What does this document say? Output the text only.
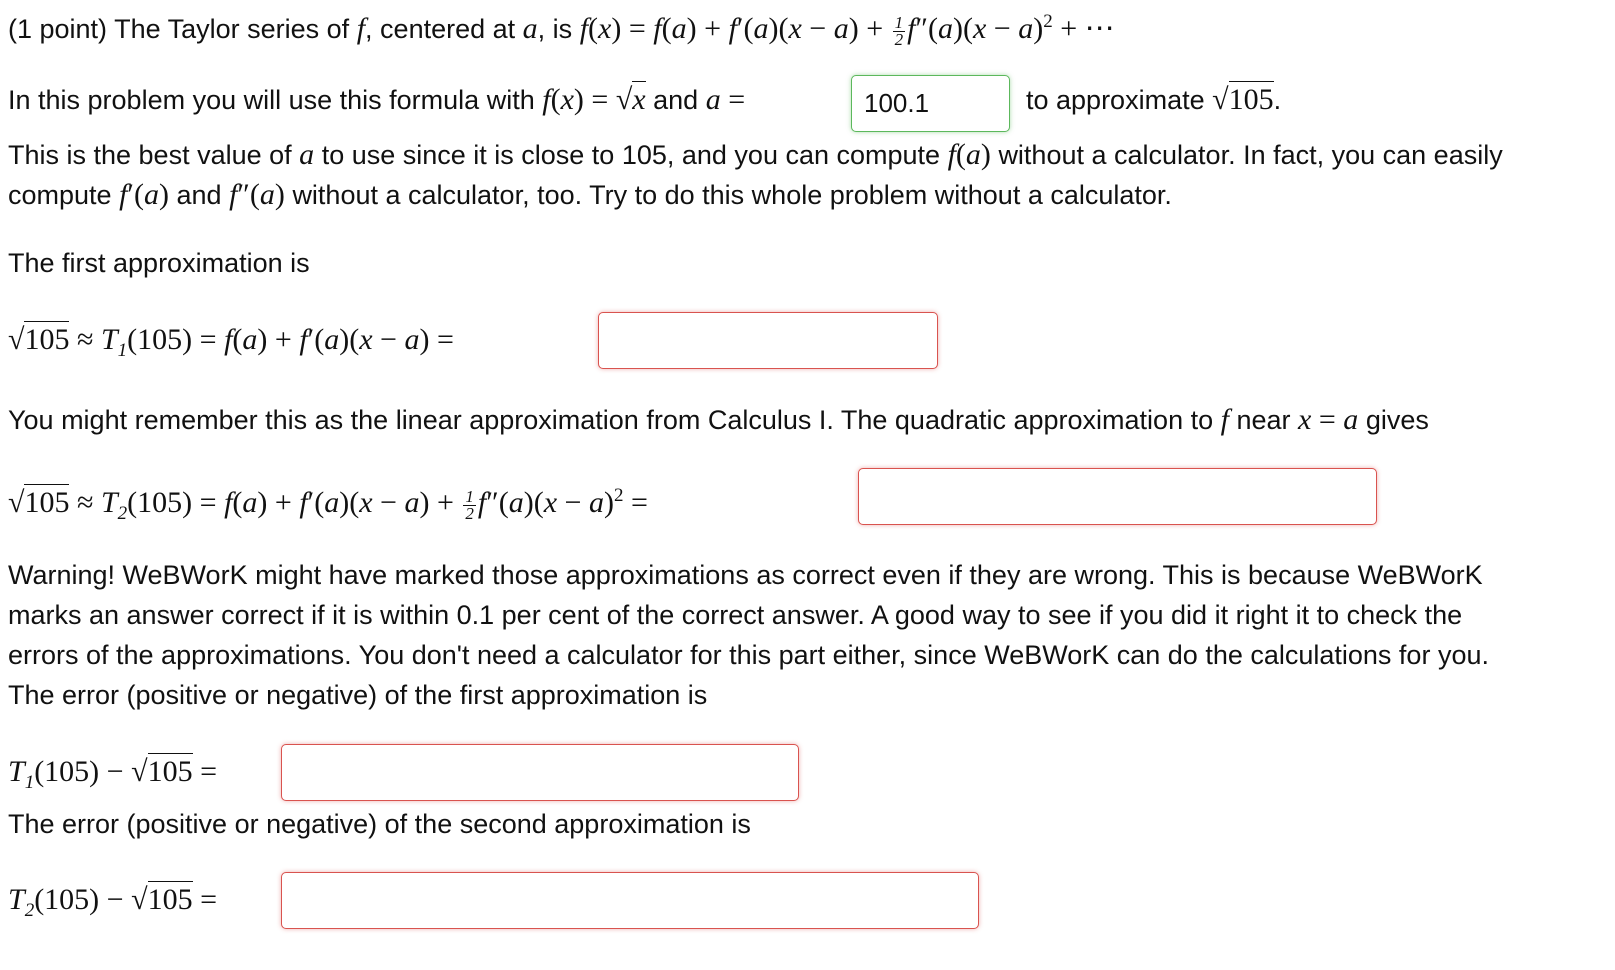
(1 point) The Taylor series of f, centered at a, is $f(x) = f(a) + f'(a)(x - a) + \frac{1}{2} f''(a)(x - a)^2$ + ⋯
In this problem you will use this formula with f(x) = √x and a =
100.1	to approximate √105.
This is the best value of a to use since it is close to 105, and you can compute f(a) without a calculator. In fact, you can easily
compute f′(a) and f″(a) without a calculator, too. Try to do this whole problem without a calculator.
The first approximation is
$√105 \approx T_1(105) = f(a) + f'(a)(x - a)$ =
You might remember this as the linear approximation from Calculus I. The quadratic approximation to f near x = a gives
$√105 \approx T_2(105) = f(a) + f'(a)(x - a) + \frac{1}{2} f''(a)(x - a)^2$ =
Warning! WeBWorK might have marked those approximations as correct even if they are wrong. This is because WeBWorK
marks an answer correct if it is within 0.1 per cent of the correct answer. A good way to see if you did it right it to check the
errors of the approximations. You don't need a calculator for this part either, since WeBWorK can do the calculations for you.
The error (positive or negative) of the first approximation is
$T_1(105) - √105$ =
The error (positive or negative) of the second approximation is
$T_2(105) - √105$ =
